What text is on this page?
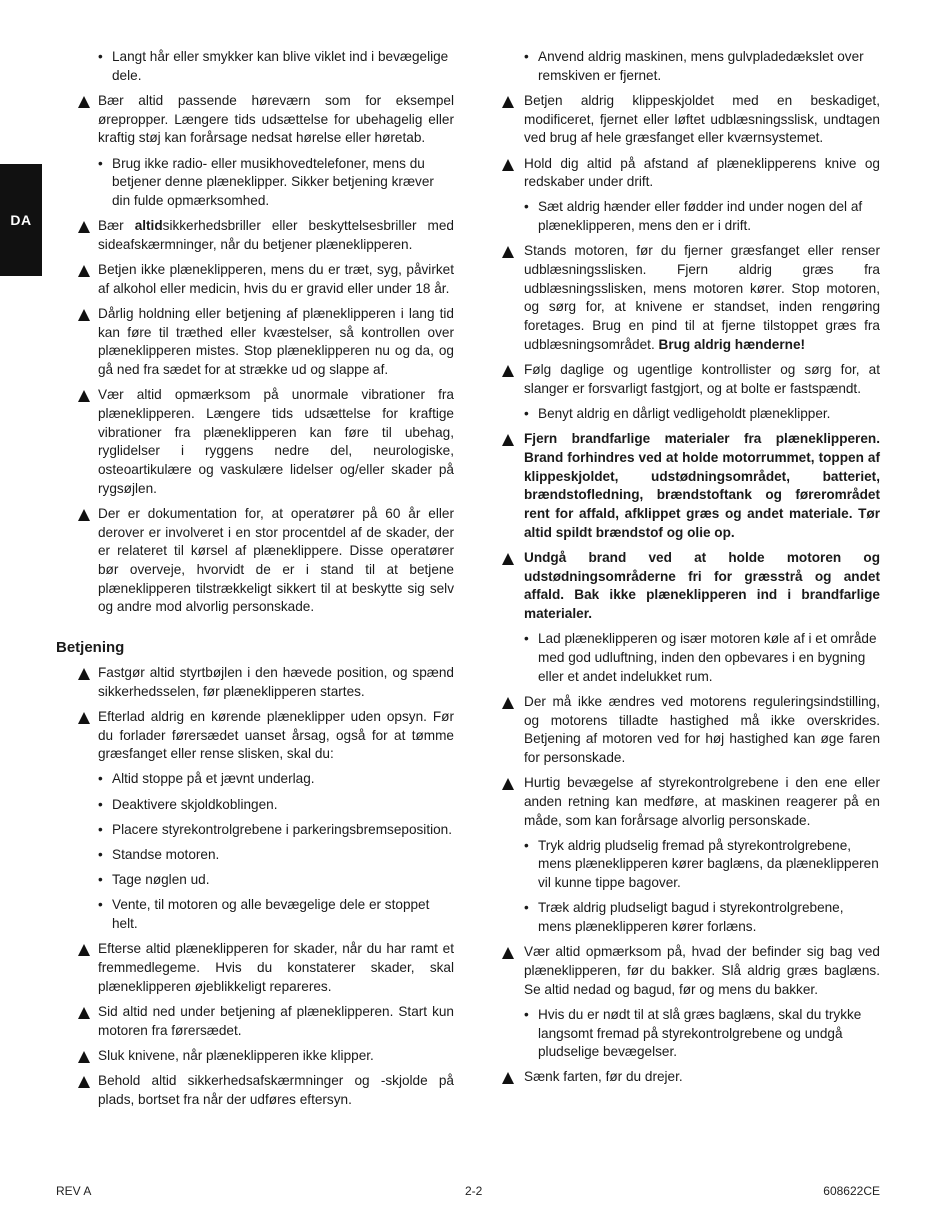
DA
• Langt hår eller smykker kan blive viklet ind i bevægelige dele.
Bær altid passende høreværn som for eksempel ørepropper. Længere tids udsættelse for ubehagelig eller kraftig støj kan forårsage nedsat hørelse eller høretab.
• Brug ikke radio- eller musikhovedtelefoner, mens du betjener denne plæneklipper. Sikker betjening kræver din fulde opmærksomhed.
Bær altidsikkerhedsbriller eller beskyttelsesbriller med sideafskærmninger, når du betjener plæneklipperen.
Betjen ikke plæneklipperen, mens du er træt, syg, påvirket af alkohol eller medicin, hvis du er gravid eller under 18 år.
Dårlig holdning eller betjening af plæneklipperen i lang tid kan føre til træthed eller kvæstelser, så kontrollen over plæneklipperen mistes. Stop plæneklipperen nu og da, og gå ned fra sædet for at strække ud og slappe af.
Vær altid opmærksom på unormale vibrationer fra plæneklipperen. Længere tids udsættelse for kraftige vibrationer fra plæneklipperen kan føre til ubehag, ryglidelser i ryggens nedre del, neurologiske, osteoartikulære og vaskulære lidelser og/eller skader på rygsøjlen.
Der er dokumentation for, at operatører på 60 år eller derover er involveret i en stor procentdel af de skader, der er relateret til kørsel af plæneklippere. Disse operatører bør overveje, hvorvidt de er i stand til at betjene plæneklipperen tilstrækkeligt sikkert til at beskytte sig selv og andre mod alvorlig personskade.
Betjening
Fastgør altid styrtbøjlen i den hævede position, og spænd sikkerhedsselen, før plæneklipperen startes.
Efterlad aldrig en kørende plæneklipper uden opsyn. Før du forlader førersædet uanset årsag, også for at tømme græsfanget eller rense slisken, skal du:
• Altid stoppe på et jævnt underlag.
• Deaktivere skjoldkoblingen.
• Placere styrekontrolgrebene i parkeringsbremseposition.
• Standse motoren.
• Tage nøglen ud.
• Vente, til motoren og alle bevægelige dele er stoppet helt.
Efterse altid plæneklipperen for skader, når du har ramt et fremmedlegeme. Hvis du konstaterer skader, skal plæneklipperen øjeblikkeligt repareres.
Sid altid ned under betjening af plæneklipperen. Start kun motoren fra førersædet.
Sluk knivene, når plæneklipperen ikke klipper.
Behold altid sikkerhedsafskærmninger og -skjolde på plads, bortset fra når der udføres eftersyn.
• Anvend aldrig maskinen, mens gulvpladedækslet over remskiven er fjernet.
Betjen aldrig klippeskjoldet med en beskadiget, modificeret, fjernet eller løftet udblæsningsslisk, undtagen ved brug af hele græsfanget eller kværnsystemet.
Hold dig altid på afstand af plæneklipperens knive og redskaber under drift.
• Sæt aldrig hænder eller fødder ind under nogen del af plæneklipperen, mens den er i drift.
Stands motoren, før du fjerner græsfanget eller renser udblæsningsslisken. Fjern aldrig græs fra udblæsningsslisken, mens motoren kører. Stop motoren, og sørg for, at knivene er standset, inden rengøring foretages. Brug en pind til at fjerne tilstoppet græs fra udblæsningsområdet. Brug aldrig hænderne!
Følg daglige og ugentlige kontrollister og sørg for, at slanger er forsvarligt fastgjort, og at bolte er fastspændt.
• Benyt aldrig en dårligt vedligeholdt plæneklipper.
Fjern brandfarlige materialer fra plæneklipperen. Brand forhindres ved at holde motorrummet, toppen af klippeskjoldet, udstødningsområdet, batteriet, brændstofledning, brændstoftank og førerområdet rent for affald, afklippet græs og andet materiale. Tør altid spildt brændstof og olie op.
Undgå brand ved at holde motoren og udstødningsområderne fri for græsstrå og andet affald. Bak ikke plæneklipperen ind i brandfarlige materialer.
• Lad plæneklipperen og især motoren køle af i et område med god udluftning, inden den opbevares i en bygning eller et andet indelukket rum.
Der må ikke ændres ved motorens reguleringsindstilling, og motorens tilladte hastighed må ikke overskrides. Betjening af motoren ved for høj hastighed kan øge faren for personskade.
Hurtig bevægelse af styrekontrolgrebene i den ene eller anden retning kan medføre, at maskinen reagerer på en måde, som kan forårsage alvorlig personskade.
• Tryk aldrig pludselig fremad på styrekontrolgrebene, mens plæneklipperen kører baglæns, da plæneklipperen vil kunne tippe bagover.
• Træk aldrig pludseligt bagud i styrekontrolgrebene, mens plæneklipperen kører forlæns.
Vær altid opmærksom på, hvad der befinder sig bag ved plæneklipperen, før du bakker. Slå aldrig græs baglæns. Se altid nedad og bagud, før og mens du bakker.
• Hvis du er nødt til at slå græs baglæns, skal du trykke langsomt fremad på styrekontrolgrebene og undgå pludselige bevægelser.
Sænk farten, før du drejer.
REV A	2-2	608622CE
